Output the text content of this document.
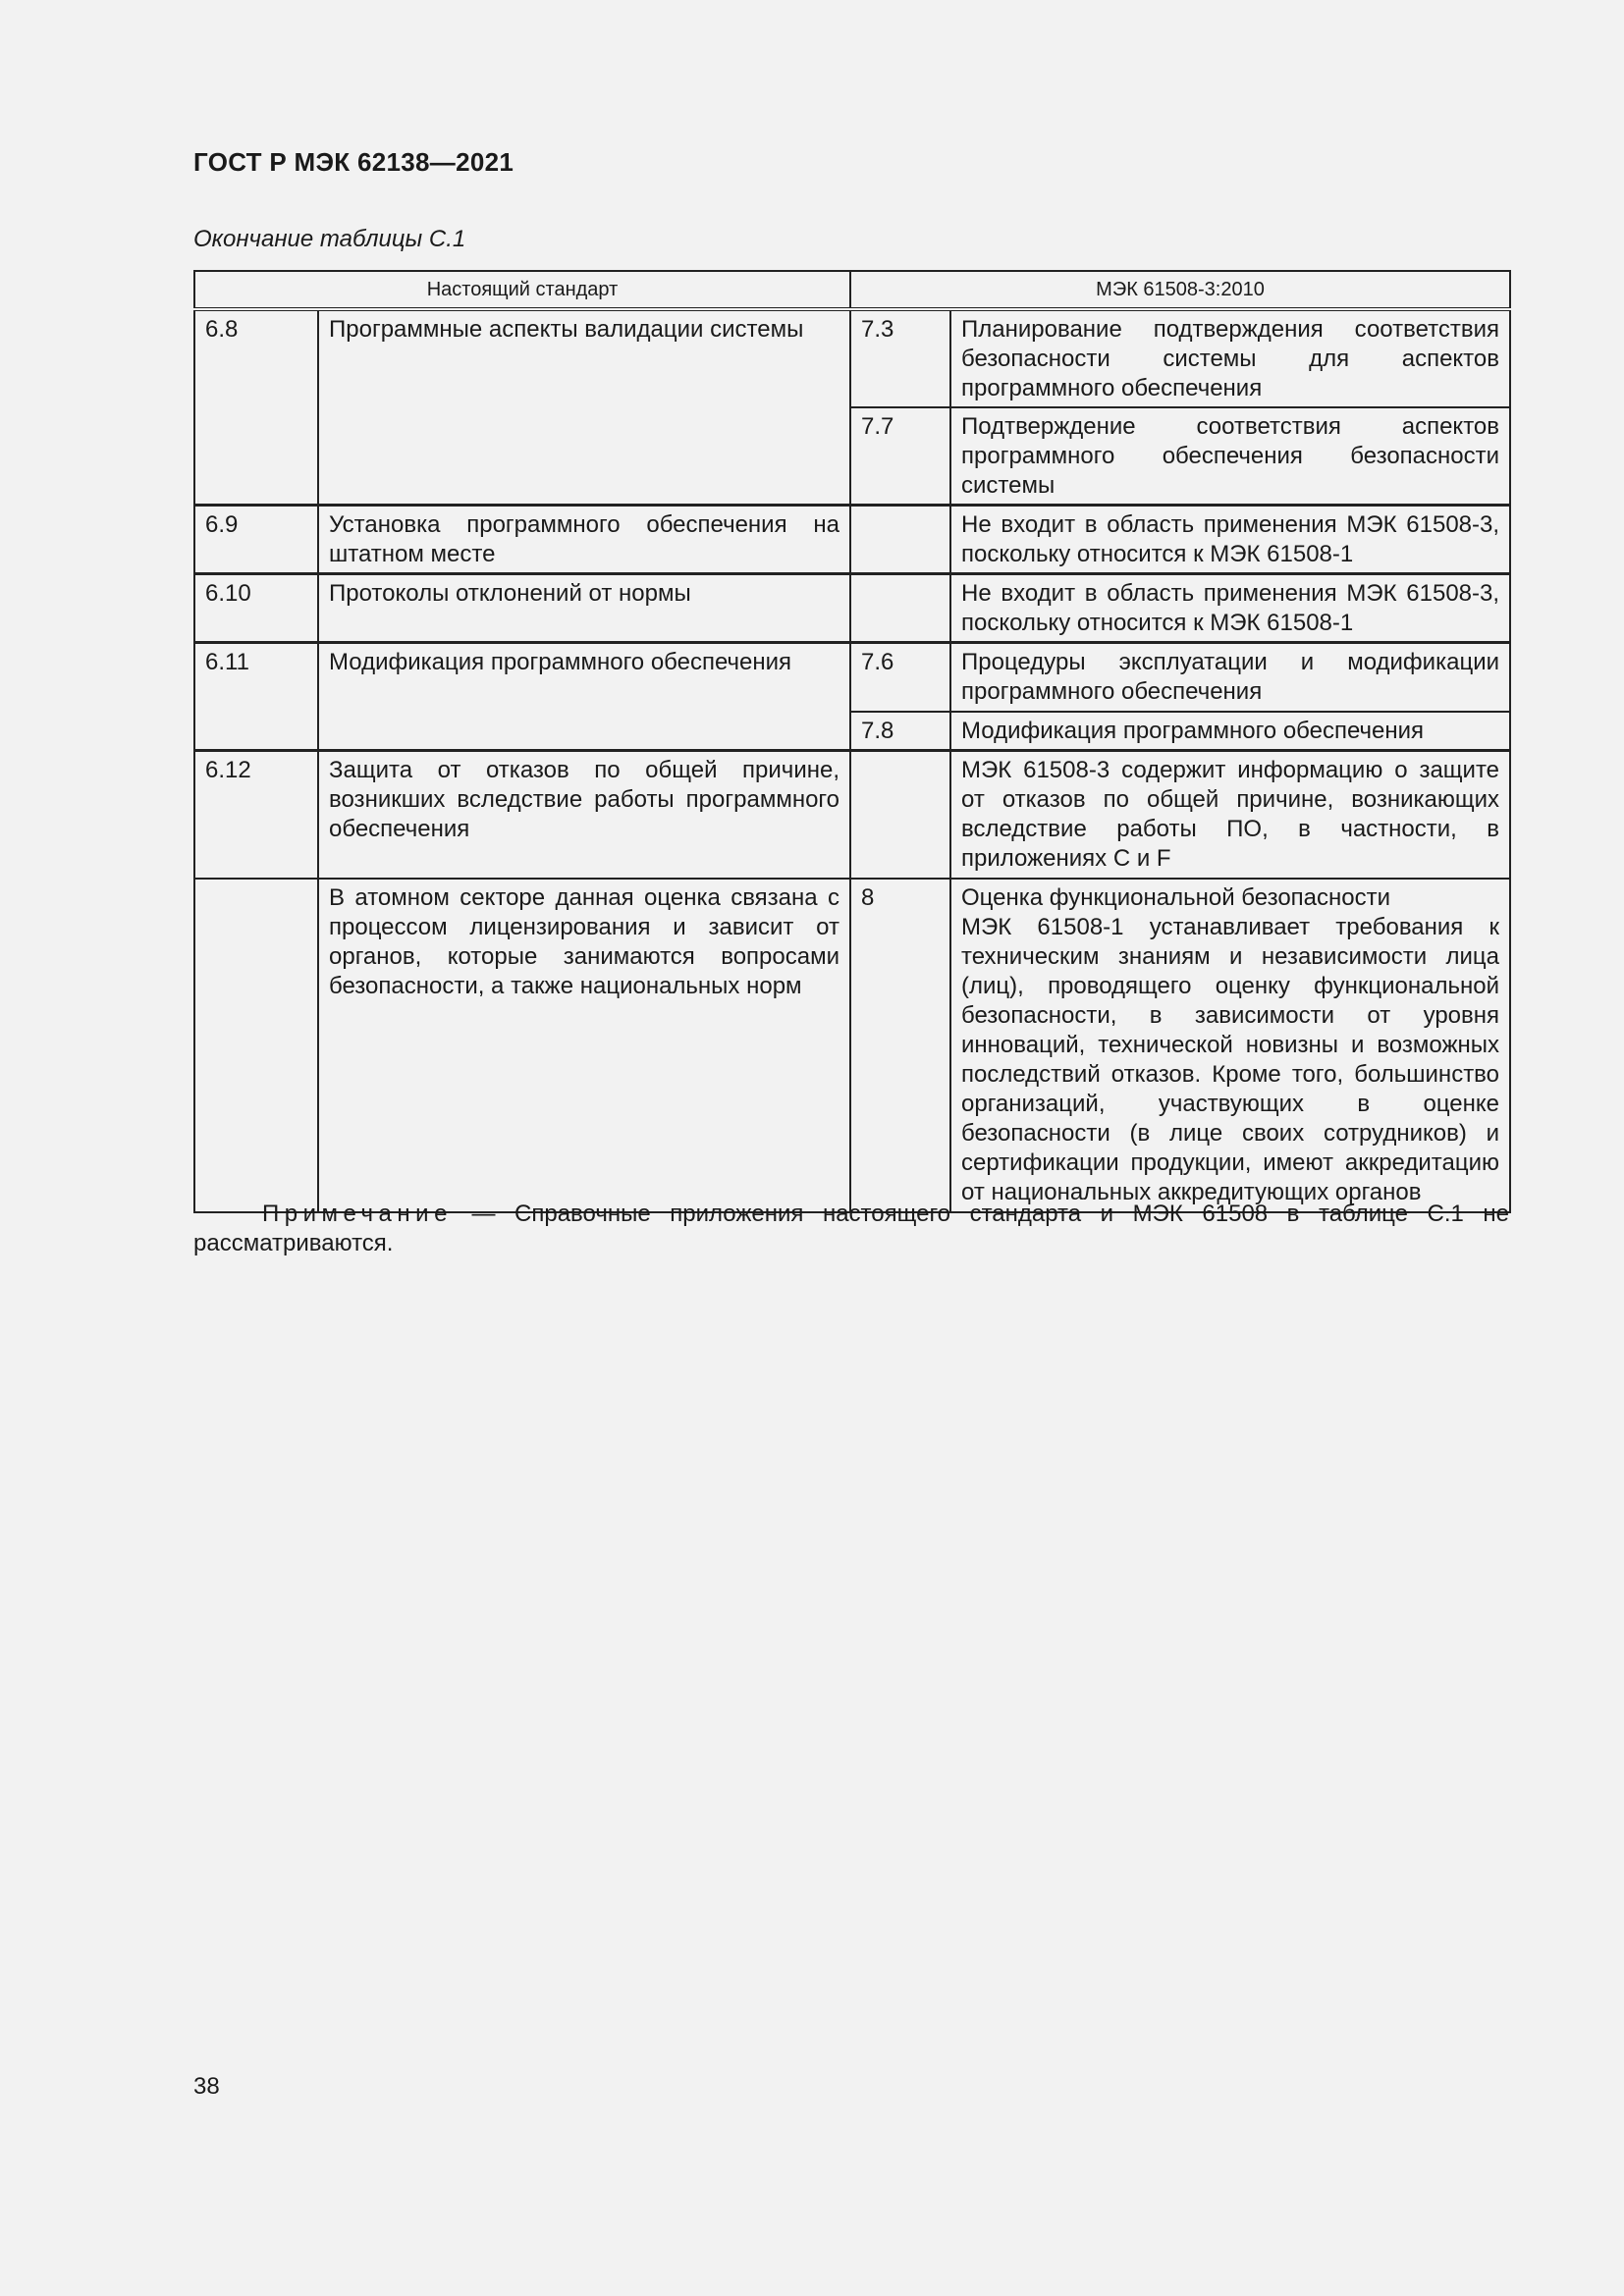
ГОСТ Р МЭК 62138—2021
Окончание таблицы С.1
Настоящий стандарт		МЭК 61508-3:2010	
6.8	Программные аспекты валидации системы	7.3	Планирование подтверждения соответствия безопасности системы для аспектов программного обеспечения
		7.7	Подтверждение соответствия аспектов программного обеспечения безопасности системы
6.9	Установка программного обеспечения на штатном месте		Не входит в область применения МЭК 61508-3, поскольку относится к МЭК 61508-1
6.10	Протоколы отклонений от нормы		Не входит в область применения МЭК 61508-3, поскольку относится к МЭК 61508-1
6.11	Модификация программного обеспечения	7.6	Процедуры эксплуатации и модификации программного обеспечения
		7.8	Модификация программного обеспечения
6.12	Защита от отказов по общей причине, возникших вследствие работы программного обеспечения		МЭК 61508-3 содержит информацию о защите от отказов по общей причине, возникающих вследствие работы ПО, в частности, в приложениях С и F
	В атомном секторе данная оценка связана с процессом лицензирования и зависит от органов, которые занимаются вопросами безопасности, а также национальных норм	8	Оценка функциональной безопасности
МЭК 61508-1 устанавливает требования к техническим знаниям и независимости лица (лиц), проводящего оценку функциональной безопасности, в зависимости от уровня инноваций, технической новизны и возможных последствий отказов. Кроме того, большинство организаций, участвующих в оценке безопасности (в лице своих сотрудников) и сертификации продукции, имеют аккредитацию от национальных аккредитующих органов
Примечание — Справочные приложения настоящего стандарта и МЭК 61508 в таблице С.1 не рассматриваются.
38
